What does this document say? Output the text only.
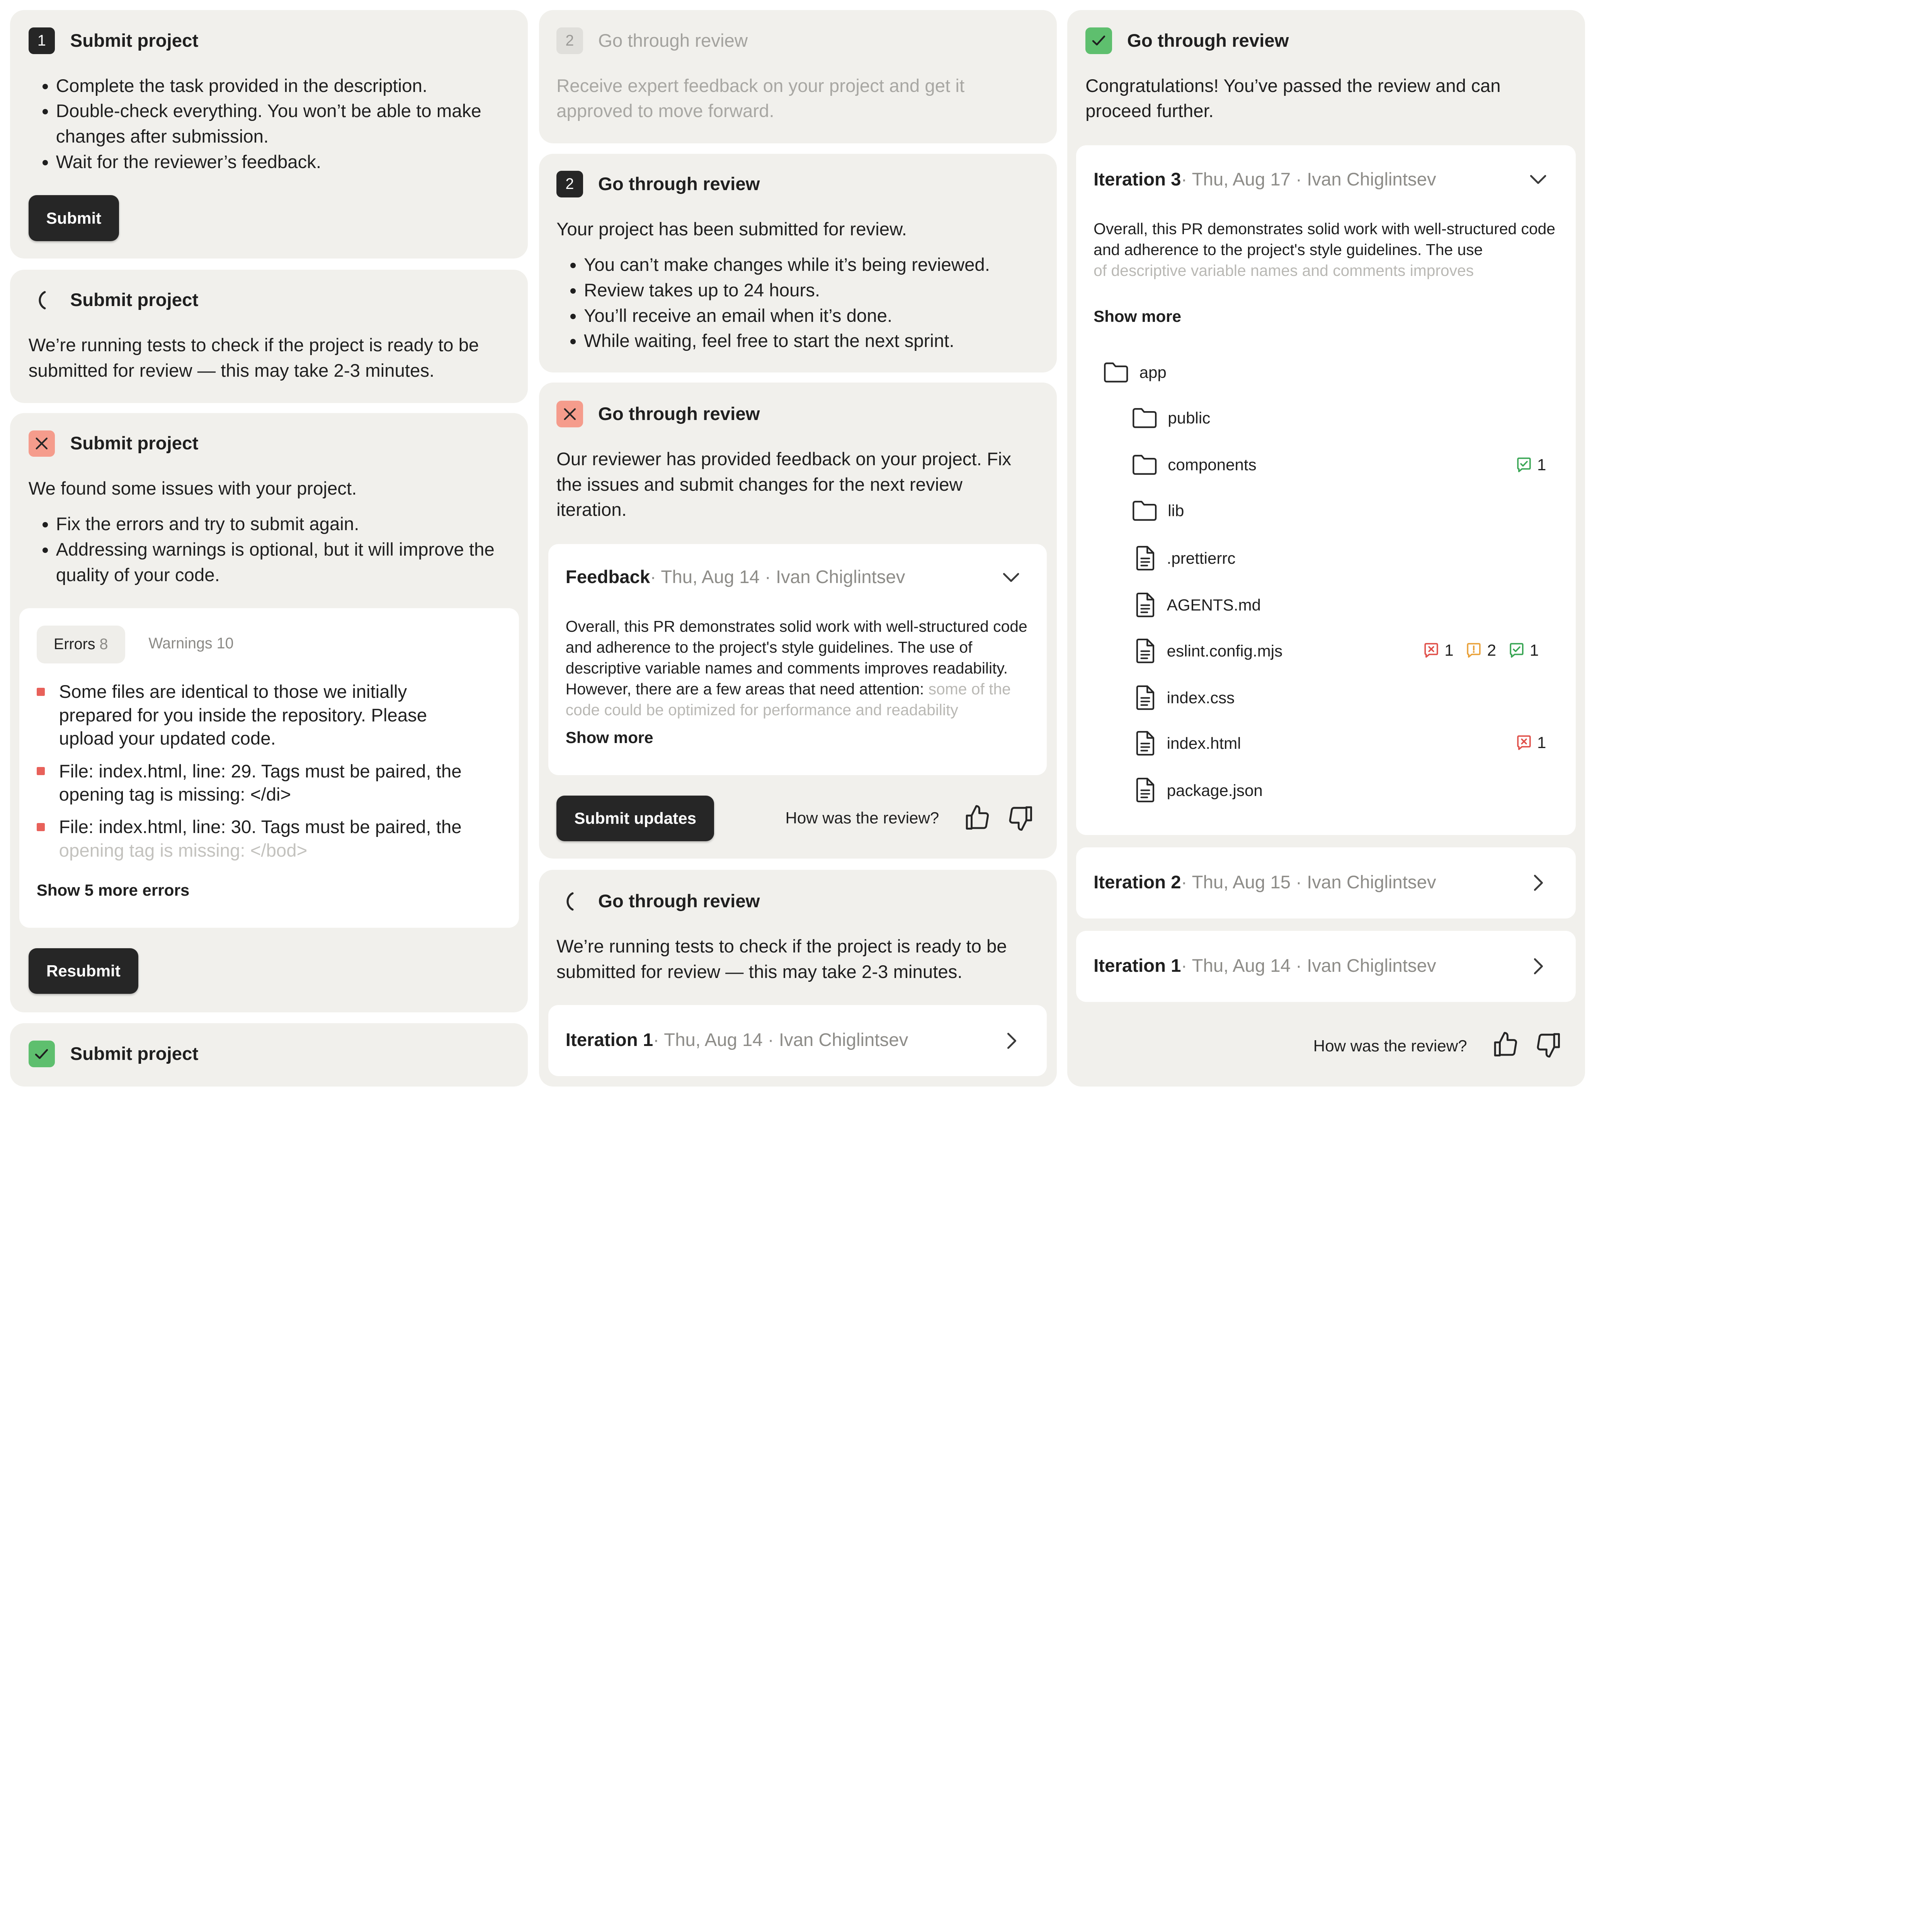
1	Submit project
• Complete the task provided in the description.
• Double-check everything. You won’t be able to make changes after submission.
• Wait for the reviewer’s feedback.
Submit
Submit project
We’re running tests to check if the project is ready to be submitted for review — this may take 2-3 minutes.
Submit project
We found some issues with your project.
• Fix the errors and try to submit again.
• Addressing warnings is optional, but it will improve the quality of your code.
Errors
8	Warnings 10
Some files are identical to those we initially prepared for you inside the repository. Please upload your updated code.
File: index.html, line: 29. Tags must be paired, the opening tag is missing: </di>
File: index.html, line: 30. Tags must be paired, the
opening tag is missing: </bod>
Show 5 more errors
Resubmit
Submit project
2	Go through review
Receive expert feedback on your project and get it approved to move forward.
2	Go through review
Your project has been submitted for review.
• You can’t make changes while it’s being reviewed.
• Review takes up to 24 hours.
• You’ll receive an email when it’s done.
• While waiting, feel free to start the next sprint.
Go through review
Our reviewer has provided feedback on your project. Fix the issues and submit changes for the next review iteration.
Feedback · Thu, Aug 14 · Ivan Chiglintsev
Overall, this PR demonstrates solid work with well-structured code and adherence to the project's style guidelines. The use of descriptive variable names and comments improves readability. However, there are a few areas that need attention: some of the code could be optimized for performance and readability
Show more
Submit updates	How was the review?
Go through review
We’re running tests to check if the project is ready to be submitted for review — this may take 2-3 minutes.
Iteration 1 · Thu, Aug 14 · Ivan Chiglintsev
Go through review
Congratulations! You’ve passed the review and can proceed further.
Iteration 3 · Thu, Aug 17 · Ivan Chiglintsev
Overall, this PR demonstrates solid work with well-structured code and adherence to the project's style guidelines. The use
of descriptive variable names and comments improves
Show more
app
public
components	1
lib
.prettierrc
AGENTS.md
eslint.config.mjs	1	2	1
index.css
index.html	1
package.json
Iteration 2 · Thu, Aug 15 · Ivan Chiglintsev
Iteration 1 · Thu, Aug 14 · Ivan Chiglintsev
How was the review?
